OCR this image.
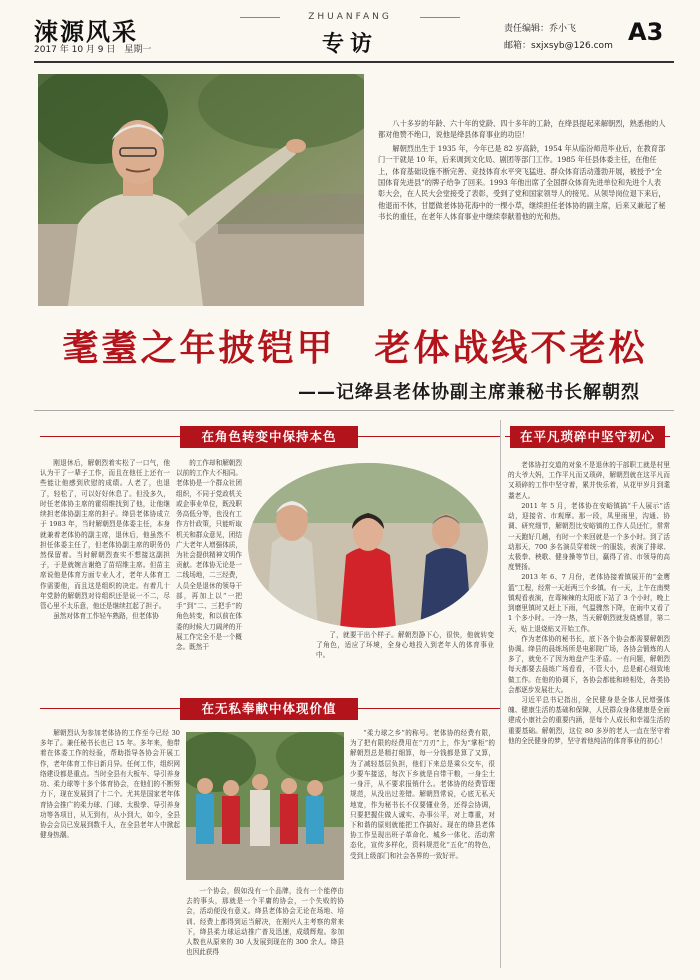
涑源风采
2017 年 10 月 9 日　星期一
ZHUANFANG
专访
责任编辑：乔小飞
邮箱：sxjxsyb@126.com A3

八十多岁的年龄、六十年的党龄、四十多年的工龄，在绛县提起来解朝烈，熟悉他的人都对他赞不绝口，说他是绛县体育事业的功臣！

解朝烈出生于 1935 年，今年已是 82 岁高龄，1954 年从临汾师范毕业后，在教育部门一干就是 10 年，后来调到文化局、剧团等部门工作。1985 年任县体委主任，在他任上，体育基础设施不断完善、竞技体育水平突飞猛进、群众体育活动蓬勃开展，被授予“全国体育先进县”的牌子给争了回来。1993 年他出席了全国群众体育先进单位和先进个人表彰大会，在人民大会堂接受了表彰，受到了党和国家领导人的接见。从领导岗位退下来后，他退而不休，甘愿做老体协花海中的一棵小草，继续担任老体协的副主席，后来又兼起了秘书长的重任，在老年人体育事业中继续奉献着他的光和热。

耄耋之年披铠甲　老体战线不老松
——记绛县老体协副主席兼秘书长解朝烈
在角色转变中保持本色	在平凡琐碎中坚守初心

刚退休后，解朝烈着实松了一口气，他认为干了一辈子工作，而且在他任上还有一些能让他感到欣慰的成绩。人老了，也退了，轻松了，可以好好休息了。但没多久，时任老体协主席的霍绍维找到了他，让他继续担老体协副主席的担子。绛县老体协成立于 1983 年，当时解朝烈是体委主任，本身就兼着老体协的副主席，退休后，他虽然不担任体委主任了，但老体协副主席的职务仍然保留着。当时解朝烈查实不想接这副担子，于是就婉言谢绝了苗绍维主席。但苗主席说他是体育方面专业人才，老年人体育工作需要他，而且这是组织的决定。有着几十年党龄的解朝烈对待组织还是说一不二，尽管心里不太乐意，他还是继续扛起了担子。

虽然对体育工作轻车熟路，但老体协

的工作却和解朝烈以前的工作大不相同。老体协是一个群众社团组织，不同于党政机关或企事业单位，既没职务高低分等，也没有工作方针政策，只能听取机关和群众意见，团结广大老年人增强体质，为社会提供精神文明作贡献。老体协无论是一二线场地，二三经费，人员全是退休的领导干部，再加上以“一把手”到“二、三把手”的角色转变，和以前在体委的时候大刀阔斧的开展工作完全不是一个概念。既然干

了，就要干出个样子。解朝烈静下心，很快，他就转变了角色，适应了环境，全身心地投入到老年人的体育事业中。

老体协打交道的对象不是退休的干部职工就是村里的大爷大妈，工作平凡而又琐碎，解朝烈就在这平凡而又琐碎的工作中坚守着，累并快乐着，从花甲岁月到耄耋老人。

2011 年 5 月，老体协在安峪镇搞“千人展示”活动，迎接省、市观摩。那一段，凤里雨里，沟通、协调、研究细节，解朝烈比安峪镇的工作人员还忙，常常一天跑好几趟，有时一个来回就是一个多小时。到了活动那天，700 多名演员穿着统一的服装，表演了排球、太极拳、秧歌、健身操等节目，赢得了省、市领导的高度赞扬。

2013 年 6、7 月份，老体协接着镇展开的“金鹰篮”工程，经常一天赶两三个乡镇。有一天，上午在南樊镇观看表演，在毒辣辣的太阳底下站了 3 个小时，晚上到磨里镇时又赶上下雨，气温骤然下降，在雨中又看了 1 个多小时。一冷一热，当天解朝烈就发烧感冒，第二天，贴上退烧贴又开始工作。

作为老体协的秘书长，底下各个协会都需要解朝烈协调。绛县的晨练场所是电影院广场，各协会锻炼的人多了，就免不了因为地盘产生矛盾。一有问题，解朝烈每天都要去晨练广场看看，不管大小，总是耐心细致地做工作。在他的协调下，各协会都能和睦相处，各类协会都逐步发展壮大。

习近平总书记指出，全民健身是全体人民增强体魄、健康生活的基础和保障，人民群众身体健康是全面建成小康社会的重要内涵，是每个人成长和幸福生活的重要基础。解朝烈，这位 80 多岁的老人一直在坚守着他的全民健身的梦，坚守着他纯洁的体育事业的初心！

在无私奉献中体现价值

解朝烈认为参加老体协的工作至今已经 30 多年了。兼任秘书长也已 15 年。多年来，他带着在体委工作的经验，帮助指导各协会开展工作，老年体育工作日新月异。任何工作，组织网络建设都是重点。当时全县有大板车、导引养身功、柔力球等十多个体育协会，在他们的不断努力下，现在发展到了十二个。尤其是国家老年体育协会推广的柔力球、门球、太极拳、导引养身功等各项目，从无到有，从小到大，如今，全县协会会员已发展到数千人，在全县老年人中掀起健身热潮。

一个协会，假如没有一个品牌，没有一个能停由去的事头，那就是一个平庸的协会，一个失败的协会，活动便没有意义。绛县老体协会无论在场地、培训、经费上都得到运当解决，在刚兴人主考察的常来下，绛县柔力球运动推广普及迅速，成绩辉煌。参加人数也从原来的 30 人发展到现在的 300 余人。绛县也因此获得

“柔力球之乡”的称号。老体协的经费有限，为了把有限的经费用在“刀刃”上，作为“掌柜”的解朝烈总是精打细算，每一分钱都是算了又算，为了减轻基层负担，他们下来总是乘公交车，很少要车接送，每次下乡就是自带干粮，一身尘土一身汗，从不要求报销什么。老体协的经费管理规范，从没出过差错。解朝烈常说，心底无私天地宽，作为秘书长不仅要懂业务，还得会协调，只要把握住做人诚实、办事公平，对上尊重，对下和谐的原则就能把工作搞好。现在的绛县老体协工作呈现出班子革命化、城乡一体化、活动常态化，宣传多样化，资料规范化“五化”的特色，受到上级部门和社会各界的一致好评。
